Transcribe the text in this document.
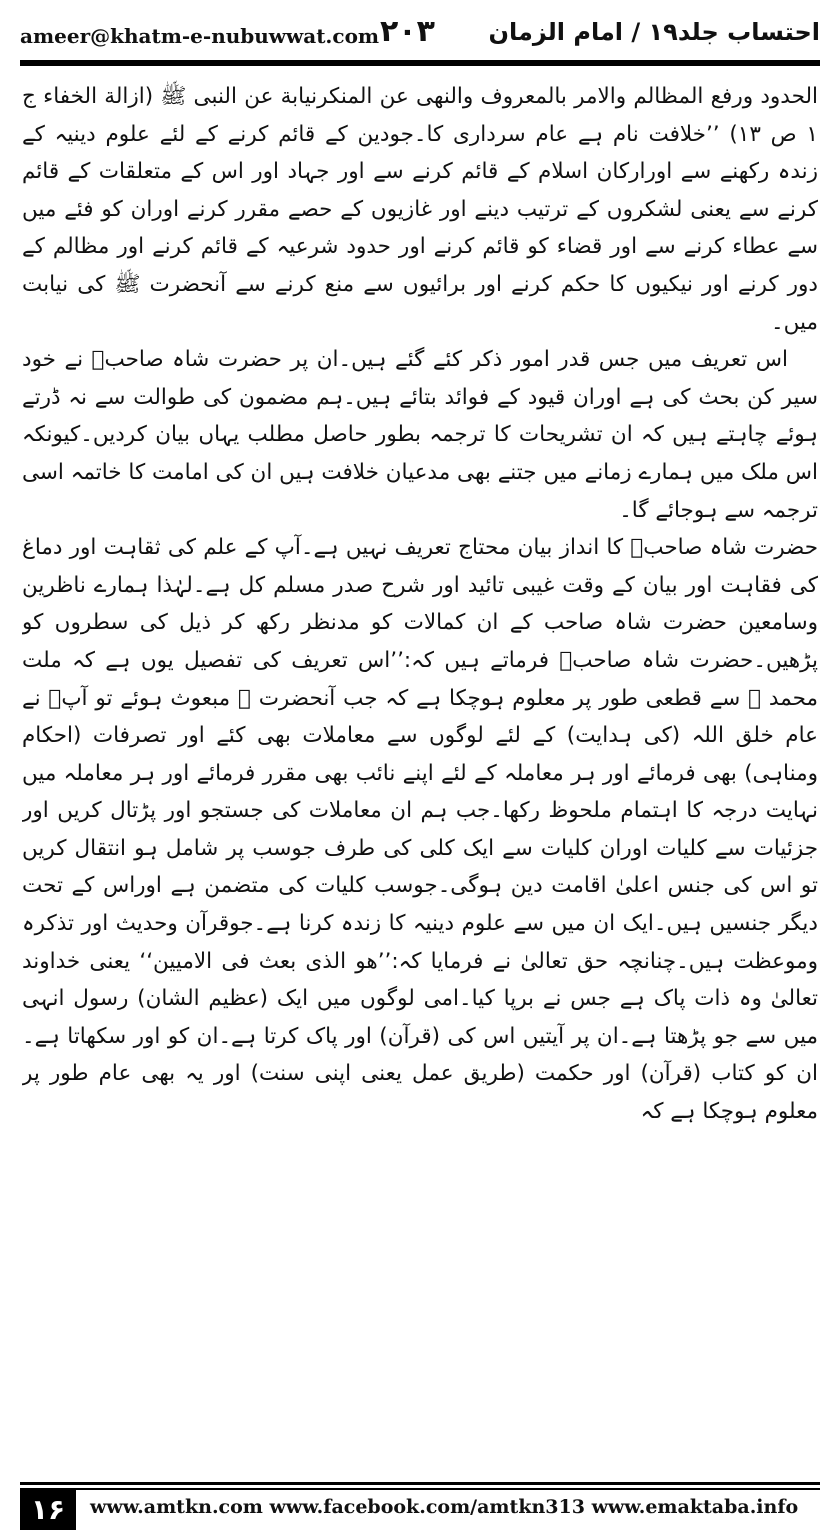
ameer@khatm-e-nubuwwat.com ۲۰۳ احتساب جلد۱۹ / امام الزمان

الحدود ورفع المظالم والامر بالمعروف والنهی عن المنکرنیابة عن النبی ﷺ (ازالة الخفاء ج ۱ ص ۱۳) ’’خلافت نام ہے عام سرداری کا۔جودین کے قائم کرنے کے لئے علوم دینیہ کے زندہ رکھنے سے اورارکان اسلام کے قائم کرنے سے اور جہاد اور اس کے متعلقات کے قائم کرنے سے یعنی لشکروں کے ترتیب دینے اور غازیوں کے حصے مقرر کرنے اوران کو فئے میں سے عطاء کرنے سے اور قضاء کو قائم کرنے اور حدود شرعیہ کے قائم کرنے اور مظالم کے دور کرنے اور نیکیوں کا حکم کرنے اور برائیوں سے منع کرنے سے آنحضرت ﷺ کی نیابت میں۔

اس تعریف میں جس قدر امور ذکر کئے گئے ہیں۔ان پر حضرت شاہ صاحبؒ نے خود سیر کن بحث کی ہے اوران قیود کے فوائد بتائے ہیں۔ہم مضمون کی طوالت سے نہ ڈرتے ہوئے چاہتے ہیں کہ ان تشریحات کا ترجمہ بطور حاصل مطلب یہاں بیان کردیں۔کیونکہ اس ملک میں ہمارے زمانے میں جتنے بھی مدعیان خلافت ہیں ان کی امامت کا خاتمہ اسی ترجمہ سے ہوجائے گا۔

حضرت شاہ صاحبؒ کا انداز بیان محتاج تعریف نہیں ہے۔آپ کے علم کی ثقاہت اور دماغ کی فقاہت اور بیان کے وقت غیبی تائید اور شرح صدر مسلم کل ہے۔لہٰذا ہمارے ناظرین وسامعین حضرت شاہ صاحب کے ان کمالات کو مدنظر رکھ کر ذیل کی سطروں کو پڑھیں۔حضرت شاہ صاحبؒ فرماتے ہیں کہ:’’اس تعریف کی تفصیل یوں ہے کہ ملت محمد ﷺ سے قطعی طور پر معلوم ہوچکا ہے کہ جب آنحضرت ﷺ مبعوث ہوئے تو آپؐ نے عام خلق اللہ (کی ہدایت) کے لئے لوگوں سے معاملات بھی کئے اور تصرفات (احکام ومناہی) بھی فرمائے اور ہر معاملہ کے لئے اپنے نائب بھی مقرر فرمائے اور ہر معاملہ میں نہایت درجہ کا اہتمام ملحوظ رکھا۔جب ہم ان معاملات کی جستجو اور پڑتال کریں اور جزئیات سے کلیات اوران کلیات سے ایک کلی کی طرف جوسب پر شامل ہو انتقال کریں تو اس کی جنس اعلیٰ اقامت دین ہوگی۔جوسب کلیات کی متضمن ہے اوراس کے تحت دیگر جنسیں ہیں۔ایک ان میں سے علوم دینیہ کا زندہ کرنا ہے۔جوقرآن وحدیث اور تذکرہ وموعظت ہیں۔چنانچہ حق تعالیٰ نے فرمایا کہ:’’هو الذی بعث فی الامیین‘‘ یعنی خداوند تعالیٰ وہ ذات پاک ہے جس نے برپا کیا۔امی لوگوں میں ایک (عظیم الشان) رسول انہی میں سے جو پڑھتا ہے۔ان پر آیتیں اس کی (قرآن) اور پاک کرتا ہے۔ان کو اور سکھاتا ہے۔ان کو کتاب (قرآن) اور حکمت (طریق عمل یعنی اپنی سنت) اور یہ بھی عام طور پر معلوم ہوچکا ہے کہ

۱۶	www.amtkn.com www.facebook.com/amtkn313 www.emaktaba.info
